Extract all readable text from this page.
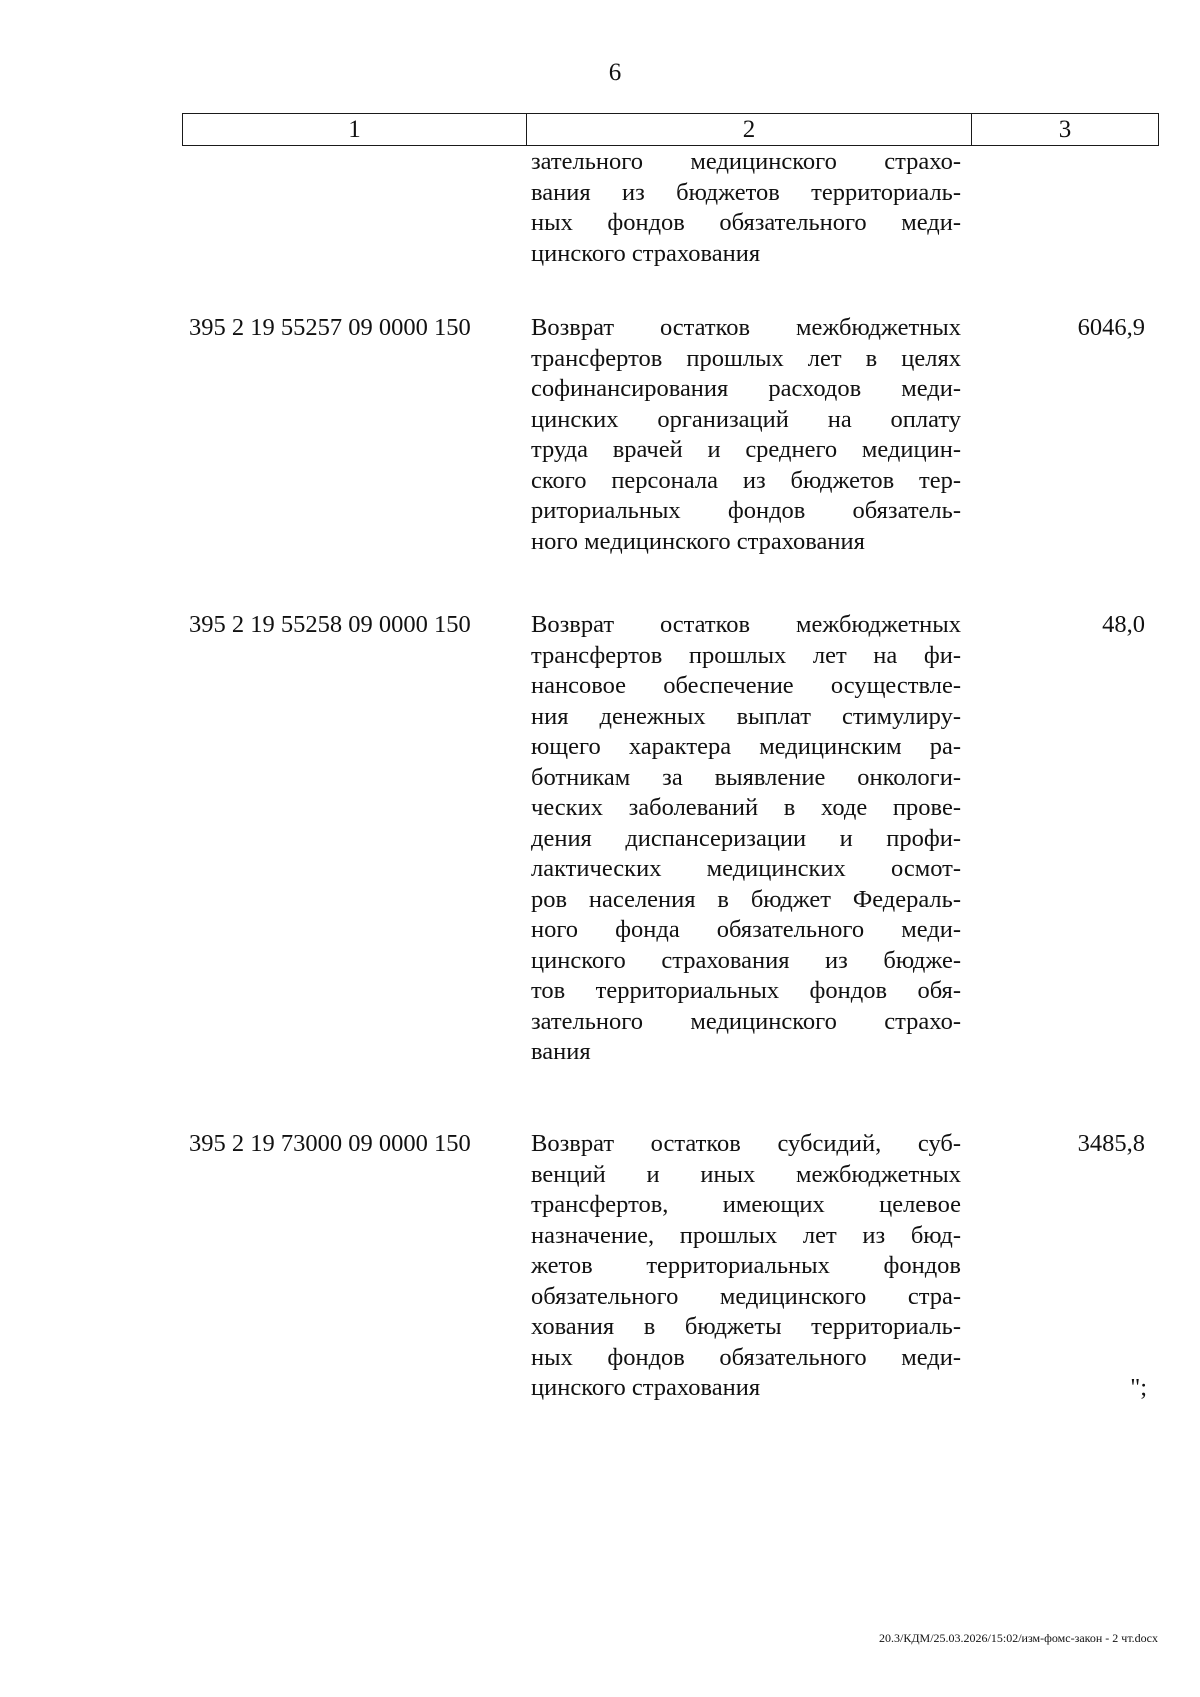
6
1	2	3
зательного медицинского страхо-
вания из бюджетов территориаль-
ных фондов обязательного меди-
цинского страхования
395 2 19 55257 09 0000 150	Возврат остатков межбюджетных
трансфертов прошлых лет в целях
софинансирования расходов меди-
цинских организаций на оплату
труда врачей и среднего медицин-
ского персонала из бюджетов тер-
риториальных фондов обязатель-
ного медицинского страхования
6046,9
395 2 19 55258 09 0000 150	Возврат остатков межбюджетных
трансфертов прошлых лет на фи-
нансовое обеспечение осуществле-
ния денежных выплат стимулиру-
ющего характера медицинским ра-
ботникам за выявление онкологи-
ческих заболеваний в ходе прове-
дения диспансеризации и профи-
лактических медицинских осмот-
ров населения в бюджет Федераль-
ного фонда обязательного меди-
цинского страхования из бюдже-
тов территориальных фондов обя-
зательного медицинского страхо-
вания
48,0
395 2 19 73000 09 0000 150	Возврат остатков субсидий, суб-
венций и иных межбюджетных
трансфертов, имеющих целевое
назначение, прошлых лет из бюд-
жетов территориальных фондов
обязательного медицинского стра-
хования в бюджеты территориаль-
ных фондов обязательного меди-
цинского страхования
3485,8
";
20.3/КДМ/25.03.2026/15:02/изм-фомс-закон - 2 чт.docx
